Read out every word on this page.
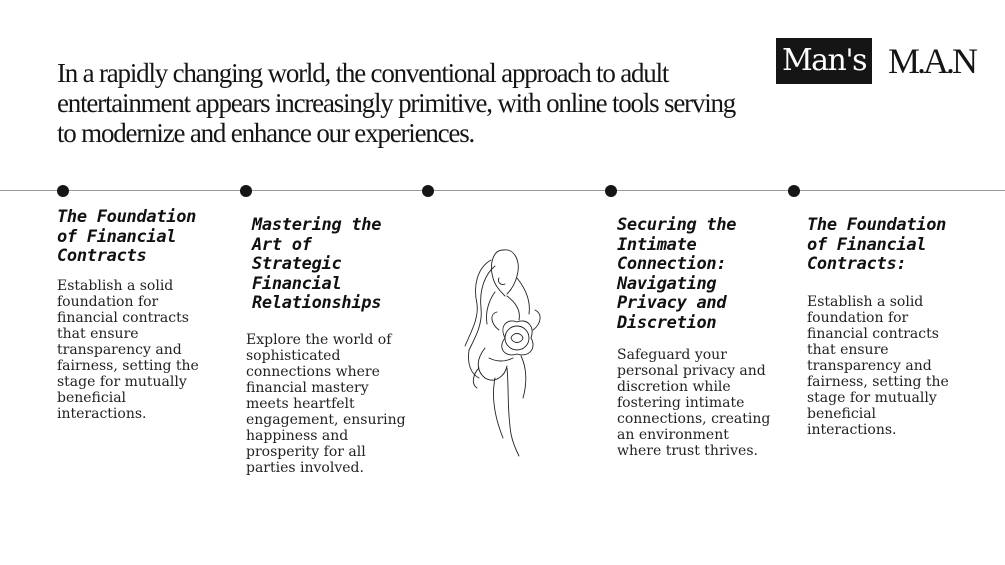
In a rapidly changing world, the conventional approach to adult entertainment appears increasingly primitive, with online tools serving to modernize and enhance our experiences.
Man's M.A.N
The Foundation of Financial Contracts

Establish a solid foundation for financial contracts that ensure transparency and fairness, setting the stage for mutually beneficial interactions.

Mastering the Art of Strategic Financial Relationships

Explore the world of sophisticated connections where financial mastery meets heartfelt engagement, ensuring happiness and prosperity for all parties involved.

Securing the Intimate Connection: Navigating Privacy and Discretion

Safeguard your personal privacy and discretion while fostering intimate connections, creating an environment where trust thrives.

The Foundation of Financial Contracts:

Establish a solid foundation for financial contracts that ensure transparency and fairness, setting the stage for mutually beneficial interactions.
